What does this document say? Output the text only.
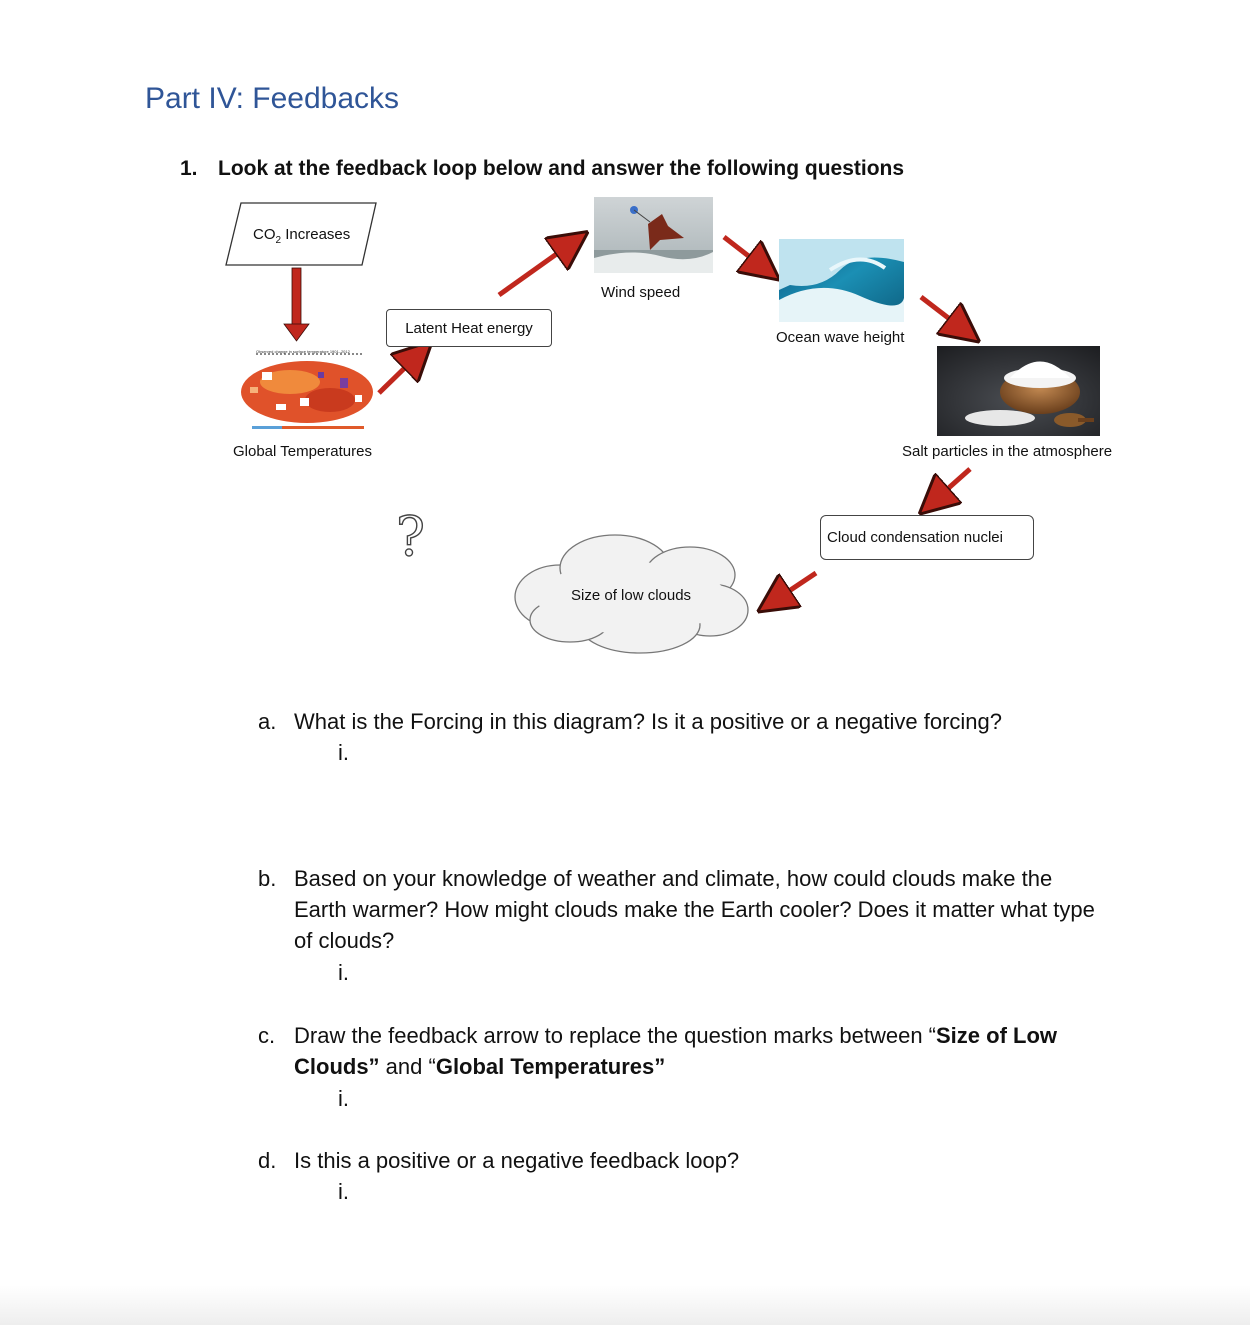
Part IV: Feedbacks
1. Look at the feedback loop below and answer the following questions
$CO_2$ Increases
Observed change in surface temperature 1901–2012
Global Temperatures
Latent Heat energy
Wind speed
Ocean wave height
Salt particles in the atmosphere
Cloud condensation nuclei
Size of low clouds
?
a. What is the Forcing in this diagram? Is it a positive or a negative forcing?
i.
b. Based on your knowledge of weather and climate, how could clouds make the Earth warmer? How might clouds make the Earth cooler? Does it matter what type of clouds?
i.
c. Draw the feedback arrow to replace the question marks between “Size of Low Clouds” and “Global Temperatures”
i.
d. Is this a positive or a negative feedback loop?
i.
